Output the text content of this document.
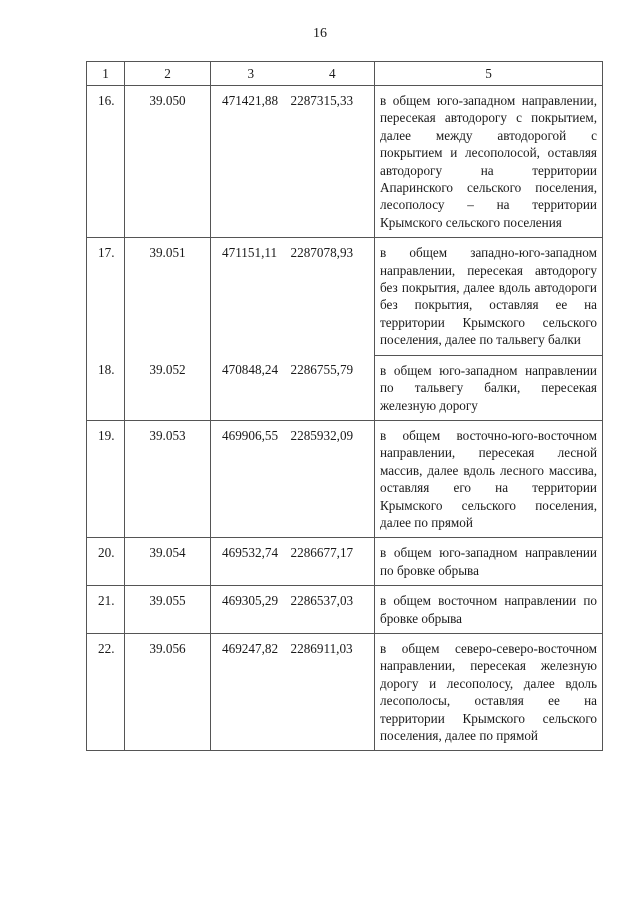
16
1	2	3	4	5
16.	39.050	471421,88	2287315,33	в общем юго-западном направлении, пересекая автодорогу с покрытием, далее между автодорогой с покрытием и лесополосой, оставляя автодорогу на территории Апаринского сельского поселения, лесополосу – на территории Крымского сельского поселения
17.	39.051	471151,11	2287078,93	в общем западно-юго-западном направлении, пересекая автодорогу без покрытия, далее вдоль автодороги без покрытия, оставляя ее на территории Крымского сельского поселения, далее по тальвегу балки
18.	39.052	470848,24	2286755,79	в общем юго-западном направлении по тальвегу балки, пересекая железную дорогу
19.	39.053	469906,55	2285932,09	в общем восточно-юго-восточном направлении, пересекая лесной массив, далее вдоль лесного массива, оставляя его на территории Крымского сельского поселения, далее по прямой
20.	39.054	469532,74	2286677,17	в общем юго-западном направлении по бровке обрыва
21.	39.055	469305,29	2286537,03	в общем восточном направлении по бровке обрыва
22.	39.056	469247,82	2286911,03	в общем северо-северо-восточном направлении, пересекая железную дорогу и лесополосу, далее вдоль лесополосы, оставляя ее на территории Крымского сельского поселения, далее по прямой
